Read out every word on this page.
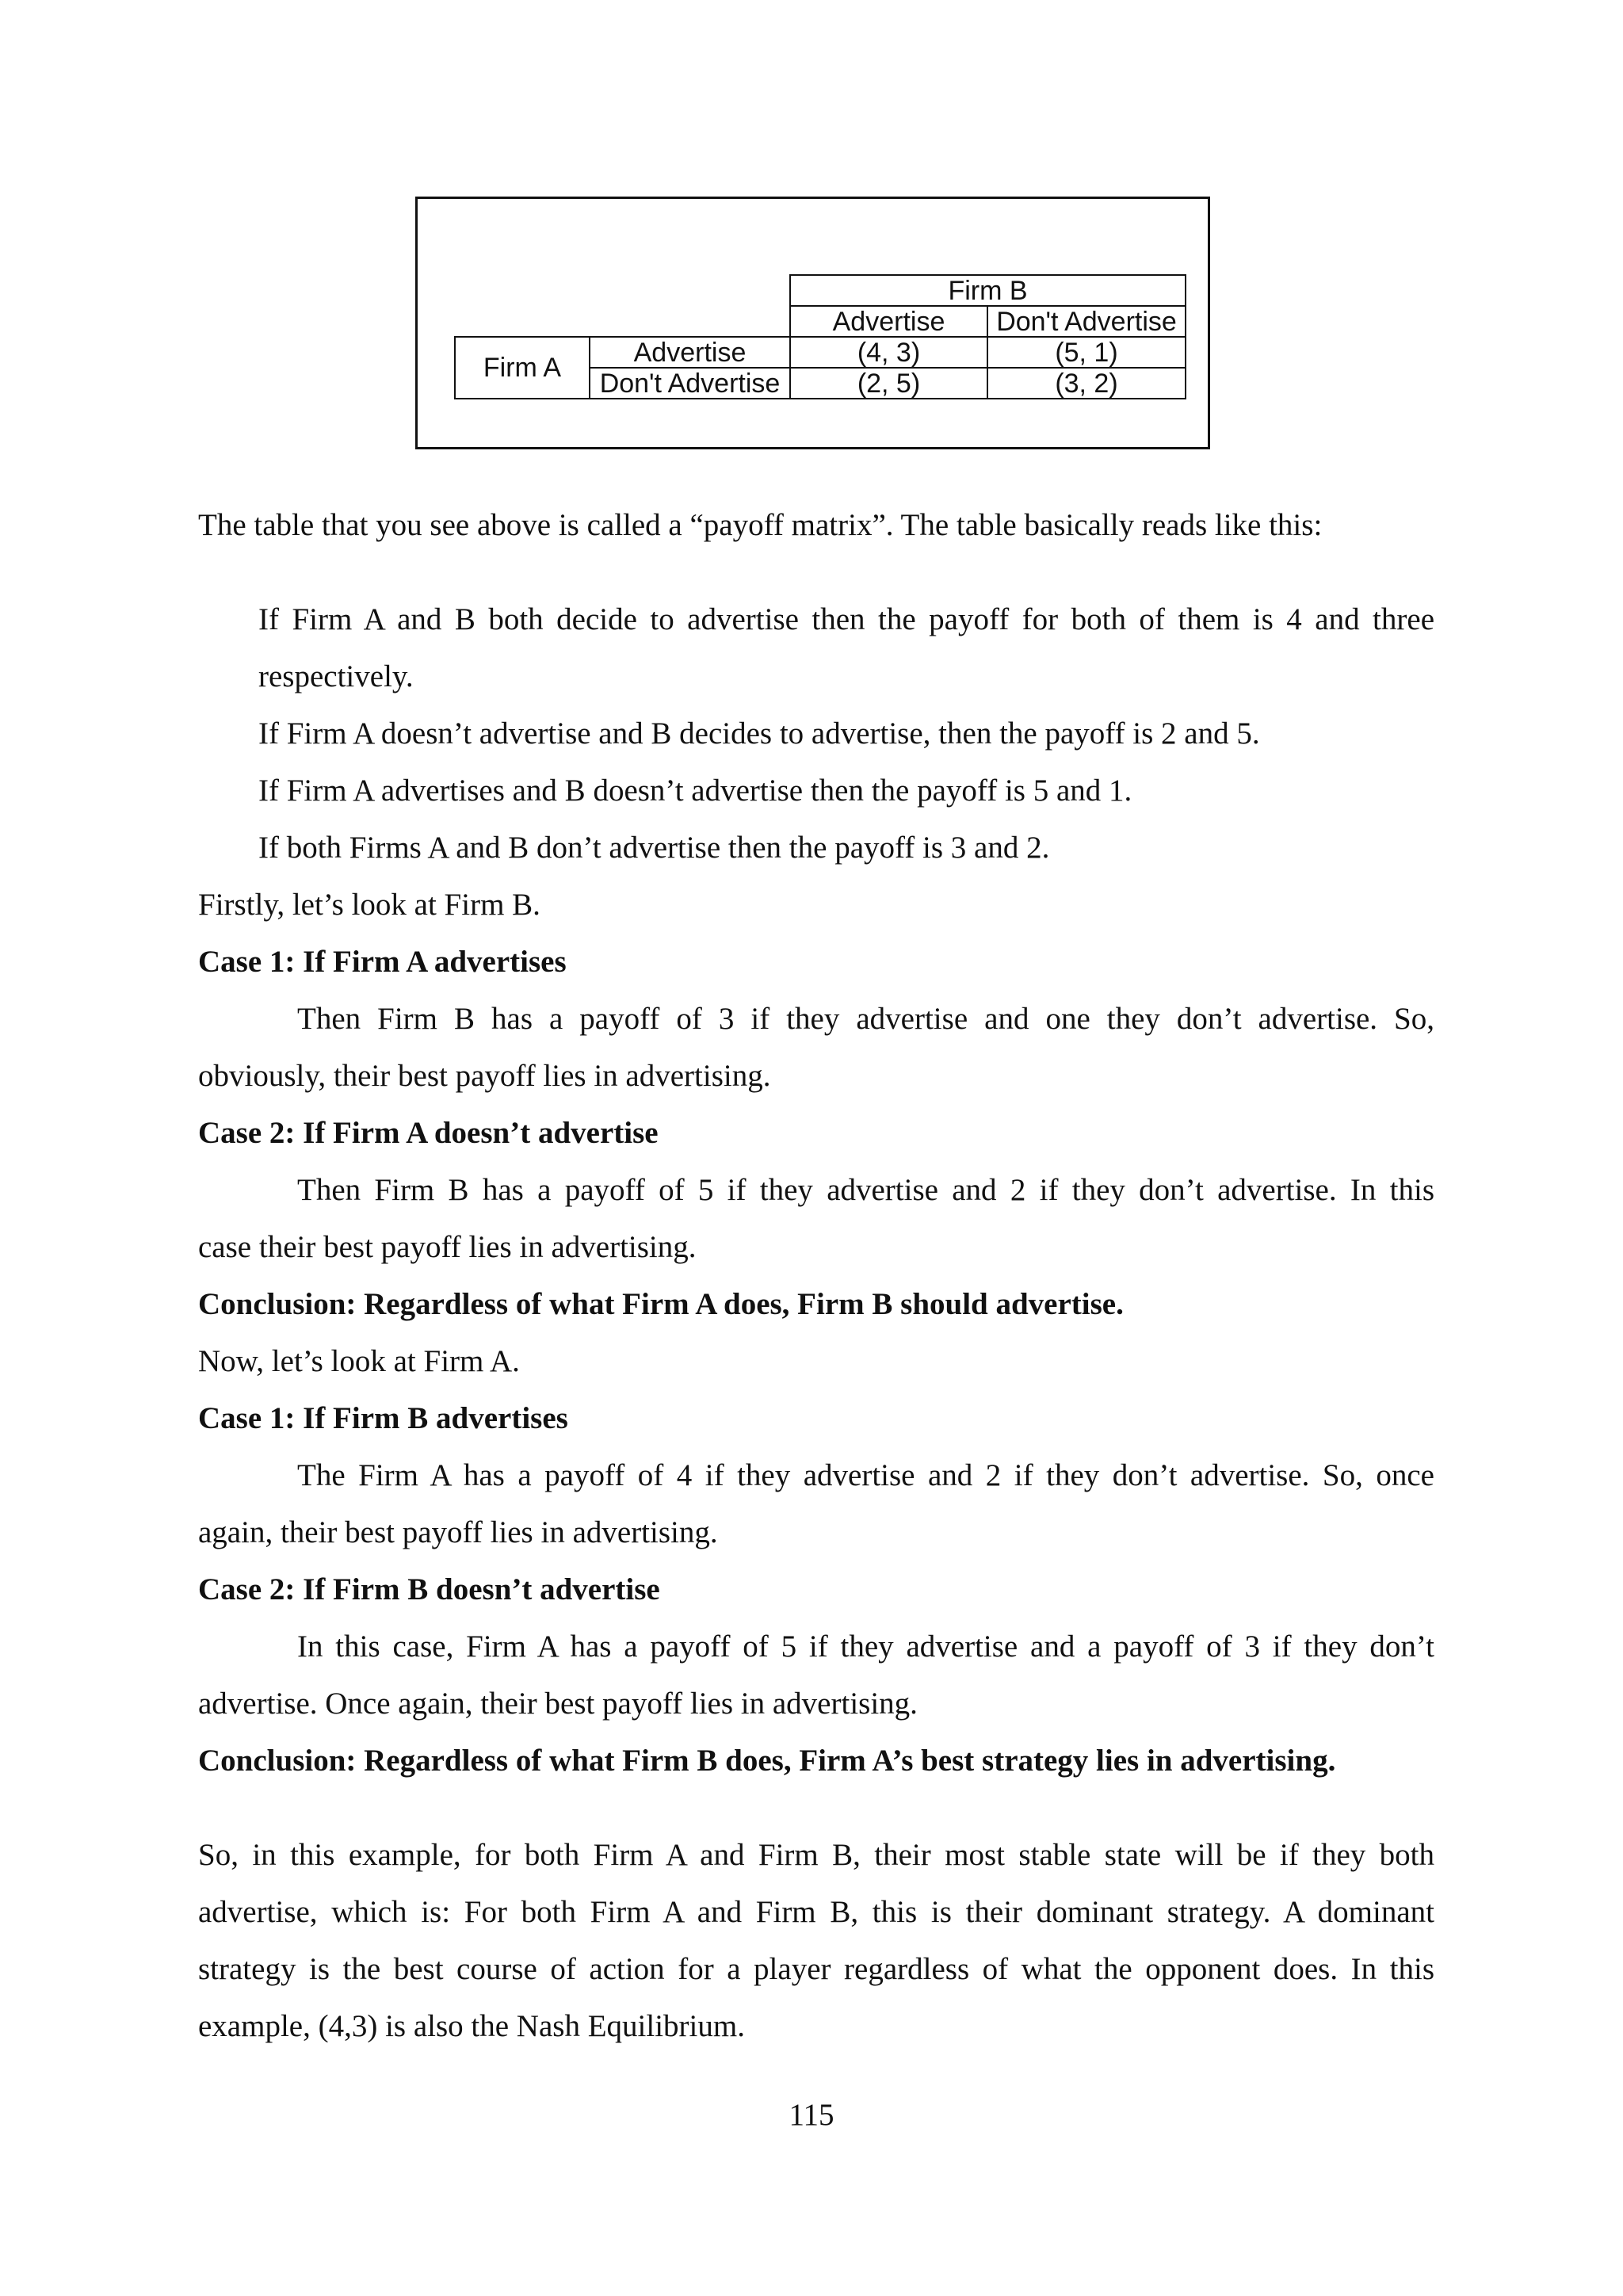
		Firm B	
		Advertise	Don't Advertise
Firm A	Advertise	(4, 3)	(5, 1)
	Don't Advertise	(2, 5)	(3, 2)
The table that you see above is called a “payoff matrix”. The table basically reads like this:
If Firm A and B both decide to advertise then the payoff for both of them is 4 and three
respectively.
If Firm A doesn’t advertise and B decides to advertise, then the payoff is 2 and 5.
If Firm A advertises and B doesn’t advertise then the payoff is 5 and 1.
If both Firms A and B don’t advertise then the payoff is 3 and 2.
Firstly, let’s look at Firm B.
Case 1: If Firm A advertises
Then Firm B has a payoff of 3 if they advertise and one they don’t advertise. So,
obviously, their best payoff lies in advertising.
Case 2: If Firm A doesn’t advertise
Then Firm B has a payoff of 5 if they advertise and 2 if they don’t advertise. In this
case their best payoff lies in advertising.
Conclusion: Regardless of what Firm A does, Firm B should advertise.
Now, let’s look at Firm A.
Case 1: If Firm B advertises
The Firm A has a payoff of 4 if they advertise and 2 if they don’t advertise. So, once
again, their best payoff lies in advertising.
Case 2: If Firm B doesn’t advertise
In this case, Firm A has a payoff of 5 if they advertise and a payoff of 3 if they don’t
advertise. Once again, their best payoff lies in advertising.
Conclusion: Regardless of what Firm B does, Firm A’s best strategy lies in advertising.
So, in this example, for both Firm A and Firm B, their most stable state will be if they both
advertise, which is: For both Firm A and Firm B, this is their dominant strategy. A dominant
strategy is the best course of action for a player regardless of what the opponent does. In this
example, (4,3) is also the Nash Equilibrium.
115
